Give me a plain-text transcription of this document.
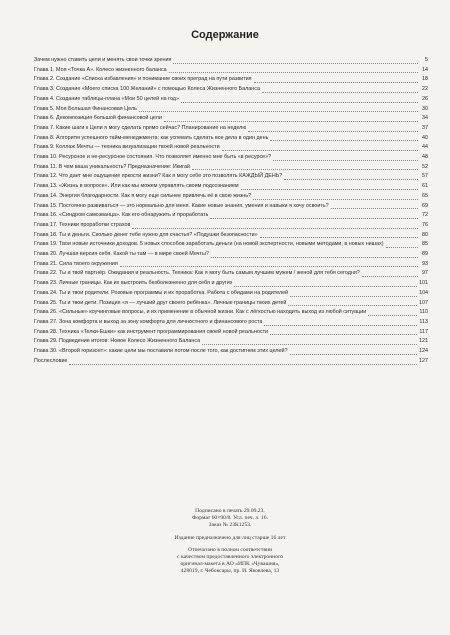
Содержание
Зачем нужно ставить цели и менять свои точки зрения	5
Глава 1. Моя «Точка А». Колесо жизненного баланса	14
Глава 2. Создание «Списка избавления» и понимание своих преград на пути развития	18
Глава 3. Создание «Моего списка 100 Желаний» с помощью Колеса Жизненного Баланса	22
Глава 4. Создание таблицы-плана «Мои 50 целей на год»	26
Глава 5. Моя Большая Финансовая Цель	30
Глава 6. Декомпозиция большой финансовой цели	34
Глава 7. Какие шаги к Цели я могу сделать прямо сейчас? Планирование на неделю	37
Глава 8. Алгоритм успешного тайм-менеджмента: как успевать сделать все дела в один день	40
Глава 9. Коллаж Мечты — техника визуализации твоей новой реальности	44
Глава 10. Ресурсное и не-ресурсное состояния. Что позволяет именно мне быть «в ресурсе»?	48
Глава 11. В чем ваша уникальность? Предназначение: Икигай	52
Глава 12. Что дает мне ощущение яркости жизни? Как я могу себе это позволять КАЖДЫЙ ДЕНЬ?	57
Глава 13. «Жизнь в вопросе». Или как мы можем управлять своим подсознанием	61
Глава 14. Энергия благодарности. Как я могу еще сильнее привлечь её в свою жизнь?	65
Глава 15. Постоянно развиваться — это нормально для меня. Какие новые знания, умения и навыки я хочу освоить?	69
Глава 16. «Синдром самозванца». Как его обнаружить и проработать	72
Глава 17. Техники проработки страхов	76
Глава 18. Ты и деньги. Сколько денег тебе нужно для счастья? «Подушки безопасности»	80
Глава 19. Твои новые источники доходов. 5 новых способов заработать деньги (на новой экспертности, новыми методами, в новых нишах)	85
Глава 20. Лучшая версия себя. Какой ты там — в мире своей Мечты?	89
Глава 21. Сила твоего окружения	93
Глава 22. Ты и твой партнёр. Ожидания и реальность. Техника: Как я могу быть самым лучшим мужем / женой для тебя сегодня?	97
Глава 23. Личные границы. Как их выстроить безболезненно для себя и других	101
Глава 24. Ты и твои родители. Розовые программы и их проработка. Работа с обидами на родителей	104
Глава 25. Ты и твои дети. Позиция «я — лучший друг своего ребёнка». Личные границы твоих детей	107
Глава 26. «Сильные» коучинговые вопросы, и их применение в обычной жизни. Как с лёгкостью находить выход из любой ситуации	110
Глава 27. Зона комфорта и выход за зону комфорта для личностного и финансового роста	113
Глава 28. Техника «Телки-Ешки» как инструмент программирования своей новой реальности	117
Глава 29. Подведение итогов: Новое Колесо Жизненного Баланса	121
Глава 30. «Второй горизонт»: какие цели мы поставили потом после того, как достигнем этих целей?	124
Послесловие	127
Подписано в печать 29.09.23.
Формат 60×90/8. Усл. печ. л. 16.
Заказ № 23К1253.
Издание предназначено для лиц старше 16 лет
Отпечатано в полном соответствии
с качеством предоставленного электронного
оригинал-макета в АО «ИПК «Чувашия»,
428019, г. Чебоксары, пр. И. Яковлева, 13
